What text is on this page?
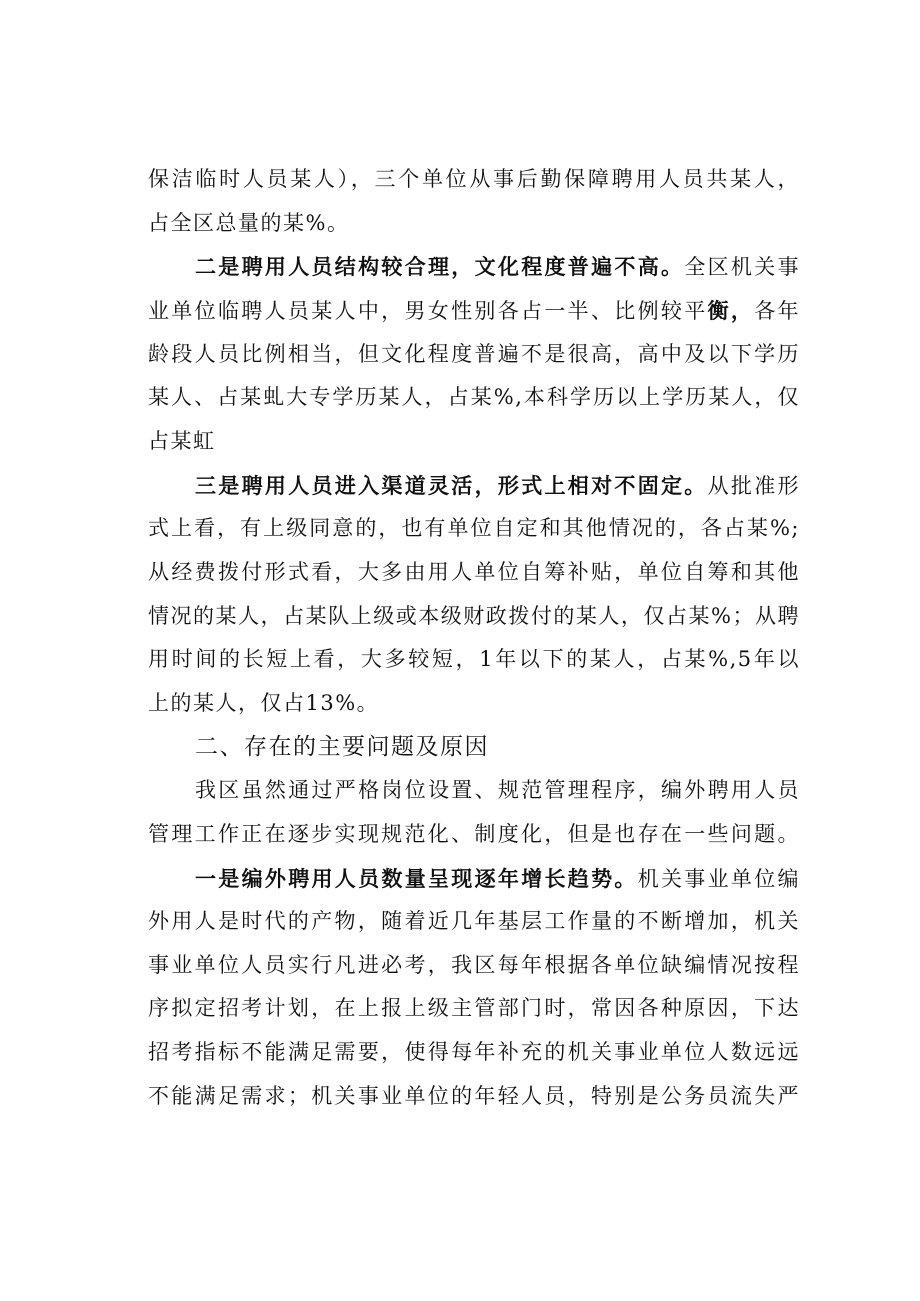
保洁临时人员某人），三个单位从事后勤保障聘用人员共某人，
占全区总量的某%。
二是聘用人员结构较合理，文化程度普遍不高。全区机关事
业单位临聘人员某人中，男女性别各占一半、比例较平衡，各年
龄段人员比例相当，但文化程度普遍不是很高，高中及以下学历
某人、占某虬大专学历某人，占某%,本科学历以上学历某人，仅
占某虹
三是聘用人员进入渠道灵活，形式上相对不固定。从批准形
式上看，有上级同意的，也有单位自定和其他情况的，各占某%;
从经费拨付形式看，大多由用人单位自筹补贴，单位自筹和其他
情况的某人，占某队上级或本级财政拨付的某人，仅占某%；从聘
用时间的长短上看，大多较短，1年以下的某人，占某%,5年以
上的某人，仅占13%。
二、存在的主要问题及原因
我区虽然通过严格岗位设置、规范管理程序，编外聘用人员
管理工作正在逐步实现规范化、制度化，但是也存在一些问题。
一是编外聘用人员数量呈现逐年增长趋势。机关事业单位编
外用人是时代的产物，随着近几年基层工作量的不断增加，机关
事业单位人员实行凡进必考，我区每年根据各单位缺编情况按程
序拟定招考计划，在上报上级主管部门时，常因各种原因，下达
招考指标不能满足需要，使得每年补充的机关事业单位人数远远
不能满足需求；机关事业单位的年轻人员，特别是公务员流失严
